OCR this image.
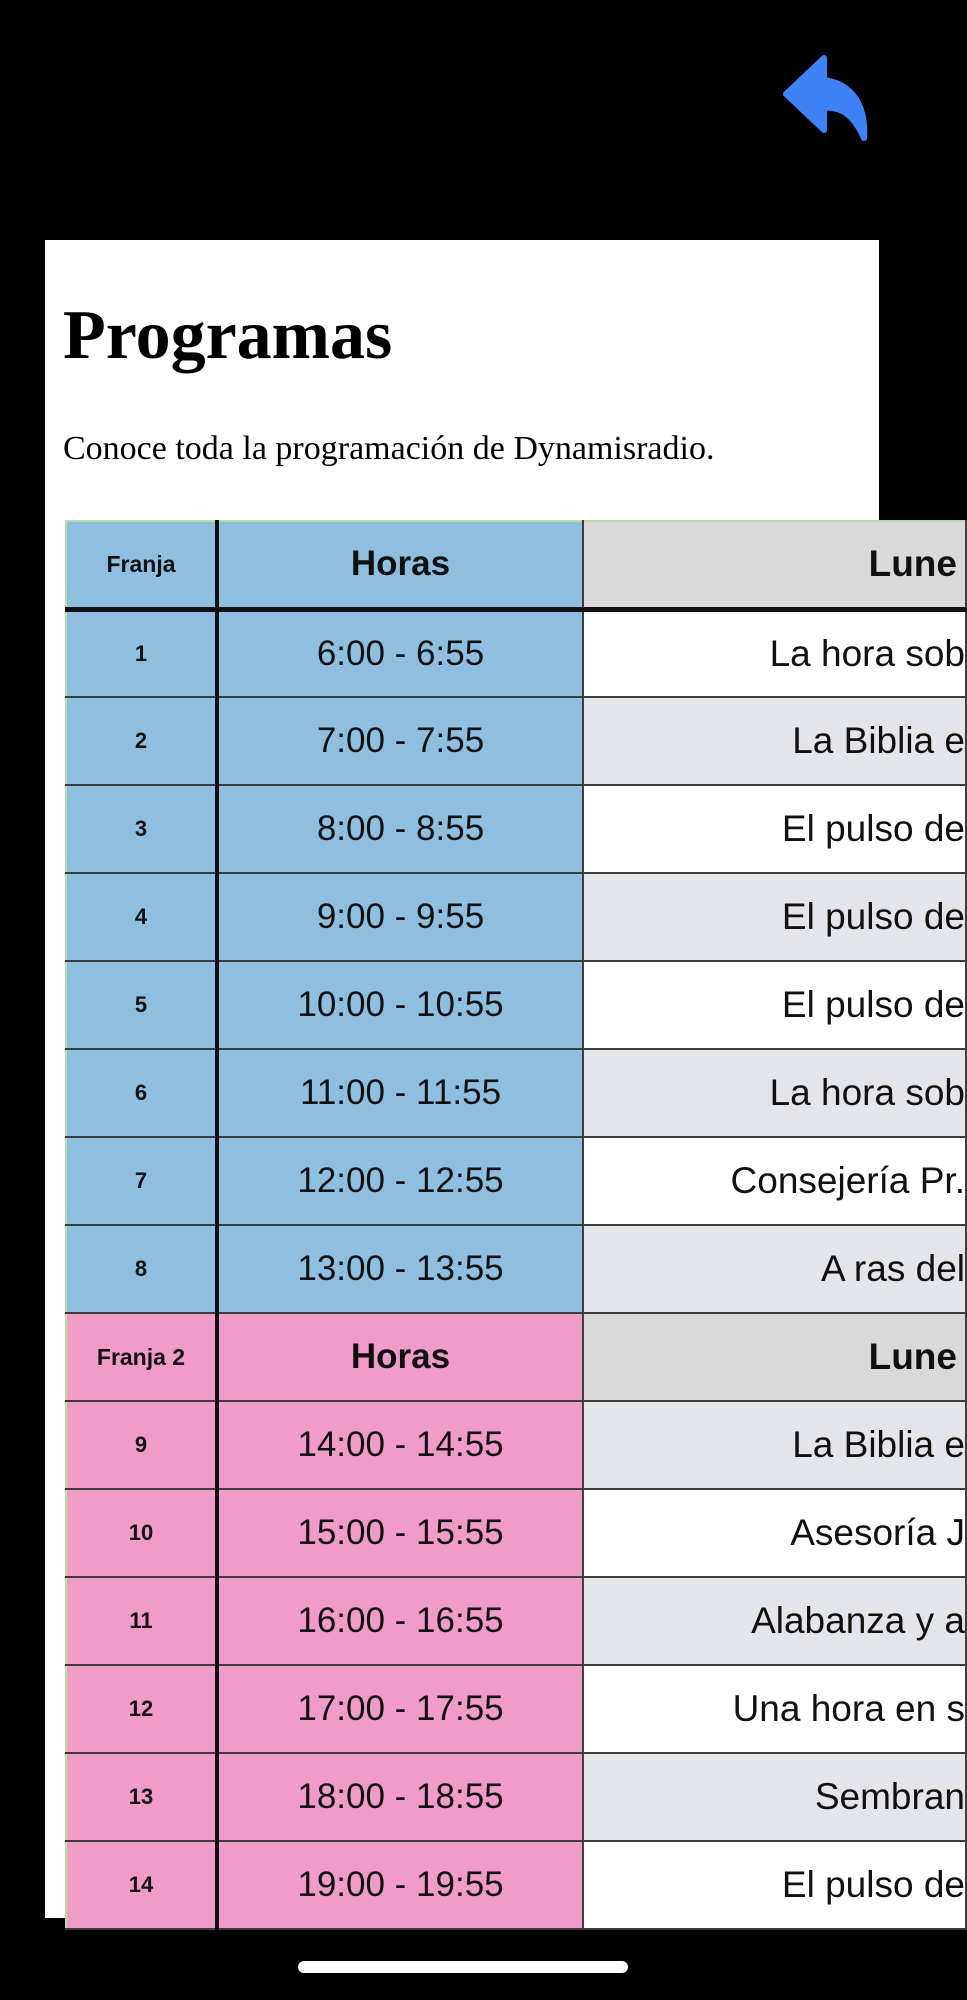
Programas

Conoce toda la programación de Dynamisradio.

Franja	Horas	Lune
1	6:00 - 6:55	La hora sob
2	7:00 - 7:55	La Biblia e
3	8:00 - 8:55	El pulso de
4	9:00 - 9:55	El pulso de
5	10:00 - 10:55	El pulso de
6	11:00 - 11:55	La hora sob
7	12:00 - 12:55	Consejería Pr.
8	13:00 - 13:55	A ras del
Franja 2	Horas	Lune
9	14:00 - 14:55	La Biblia e
10	15:00 - 15:55	Asesoría J
11	16:00 - 16:55	Alabanza y a
12	17:00 - 17:55	Una hora en s
13	18:00 - 18:55	Sembran
14	19:00 - 19:55	El pulso de
